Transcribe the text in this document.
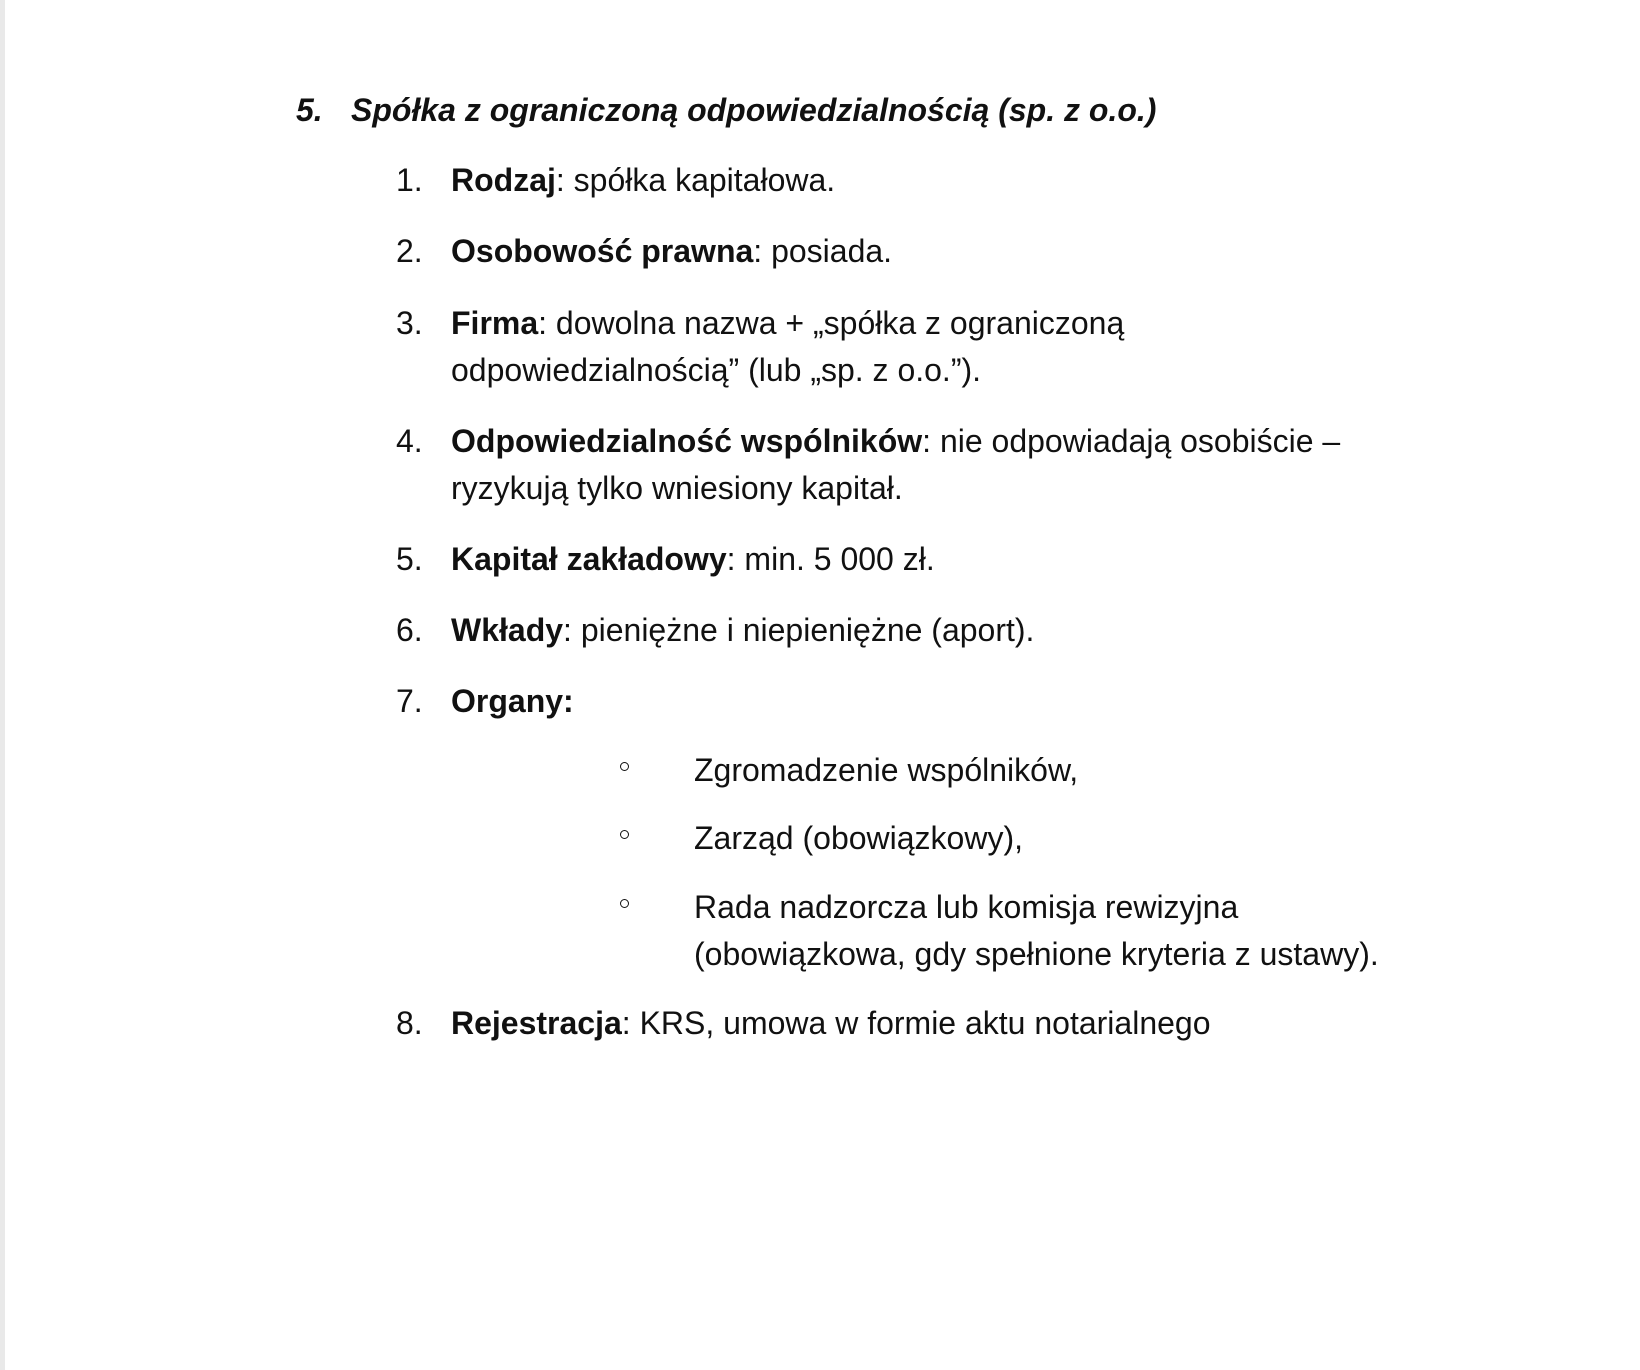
5. Spółka z ograniczoną odpowiedzialnością (sp. z o.o.)
1. Rodzaj: spółka kapitałowa.
2. Osobowość prawna: posiada.
3. Firma: dowolna nazwa + „spółka z ograniczoną
odpowiedzialnością” (lub „sp. z o.o.”).
4. Odpowiedzialność wspólników: nie odpowiadają osobiście –
ryzykują tylko wniesiony kapitał.
5. Kapitał zakładowy: min. 5 000 zł.
6. Wkłady: pieniężne i niepieniężne (aport).
7. Organy:
Zgromadzenie wspólników,
Zarząd (obowiązkowy),
Rada nadzorcza lub komisja rewizyjna
(obowiązkowa, gdy spełnione kryteria z ustawy).
8. Rejestracja: KRS, umowa w formie aktu notarialnego
